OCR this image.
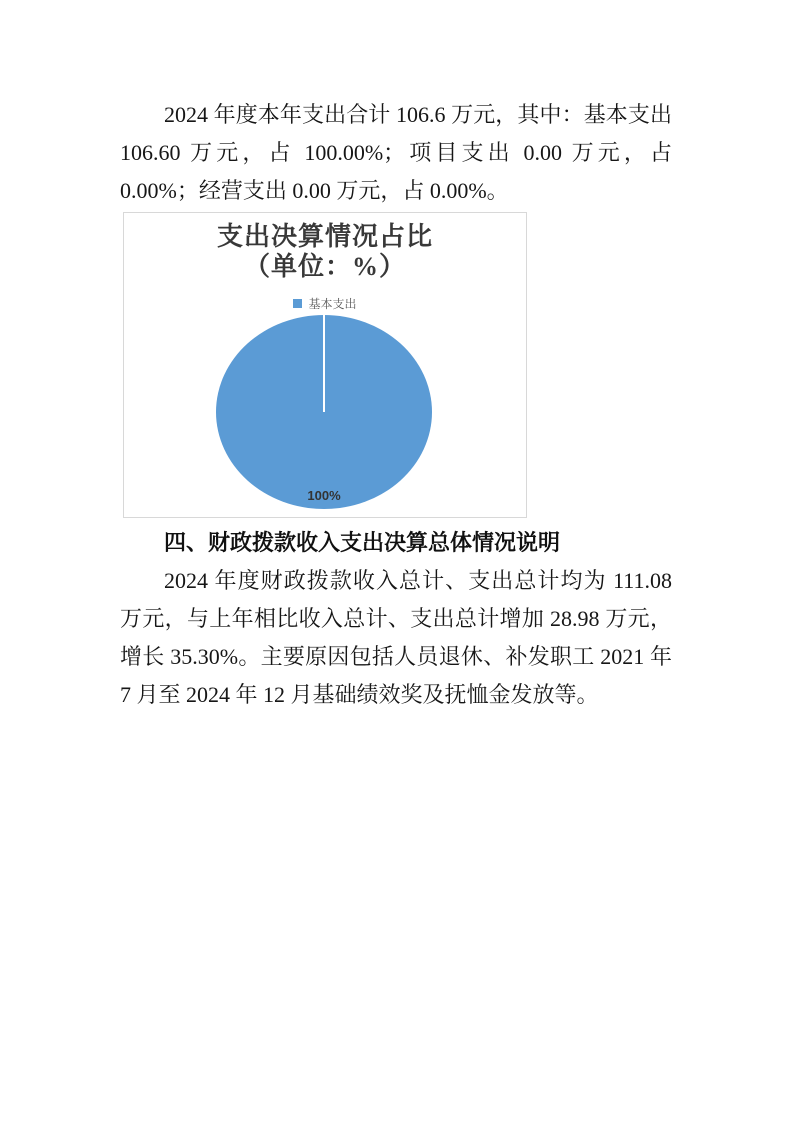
2024 年度本年支出合计 106.6 万元，其中：基本支出 106.60 万元，占 100.00%；项目支出 0.00 万元，占 0.00%；经营支出 0.00 万元，占 0.00%。

支出决算情况占比
（单位：%）
基本支出
100%
四、财政拨款收入支出决算总体情况说明

2024 年度财政拨款收入总计、支出总计均为 111.08 万元，与上年相比收入总计、支出总计增加 28.98 万元，增长 35.30%。主要原因包括人员退休、补发职工 2021 年 7 月至 2024 年 12 月基础绩效奖及抚恤金发放等。
